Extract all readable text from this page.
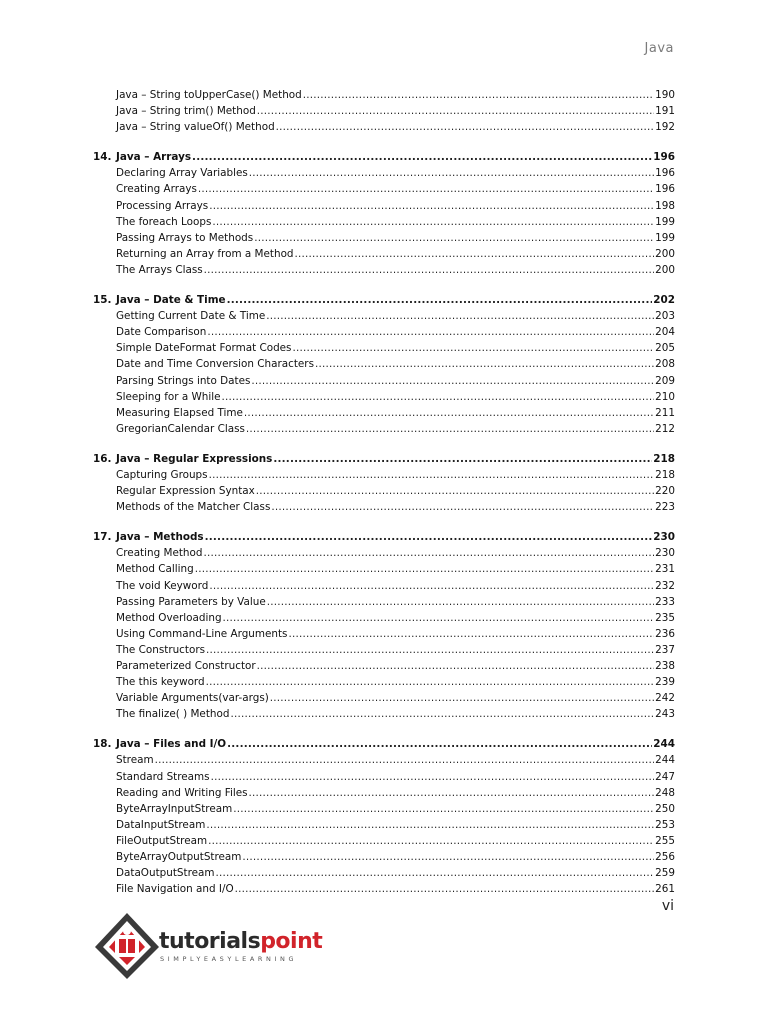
Java
Java – String toUpperCase() Method .....	190
Java – String trim() Method .....	191
Java – String valueOf() Method .....	192
14. Java – Arrays .....	196
Declaring Array Variables .....	196
Creating Arrays .....	196
Processing Arrays .....	198
The foreach Loops .....	199
Passing Arrays to Methods .....	199
Returning an Array from a Method .....	200
The Arrays Class .....	200
15. Java – Date & Time .....	202
Getting Current Date & Time .....	203
Date Comparison .....	204
Simple DateFormat Format Codes .....	205
Date and Time Conversion Characters .....	208
Parsing Strings into Dates .....	209
Sleeping for a While .....	210
Measuring Elapsed Time .....	211
GregorianCalendar Class .....	212
16. Java – Regular Expressions .....	218
Capturing Groups .....	218
Regular Expression Syntax .....	220
Methods of the Matcher Class .....	223
17. Java – Methods .....	230
Creating Method .....	230
Method Calling .....	231
The void Keyword .....	232
Passing Parameters by Value .....	233
Method Overloading .....	235
Using Command-Line Arguments .....	236
The Constructors .....	237
Parameterized Constructor .....	238
The this keyword .....	239
Variable Arguments(var-args) .....	242
The finalize( ) Method .....	243
18. Java – Files and I/O .....	244
Stream .....	244
Standard Streams .....	247
Reading and Writing Files .....	248
ByteArrayInputStream .....	250
DataInputStream .....	253
FileOutputStream .....	255
ByteArrayOutputStream .....	256
DataOutputStream .....	259
File Navigation and I/O .....	261
vi
tutorialspoint
SIMPLYEASYLEARNING
